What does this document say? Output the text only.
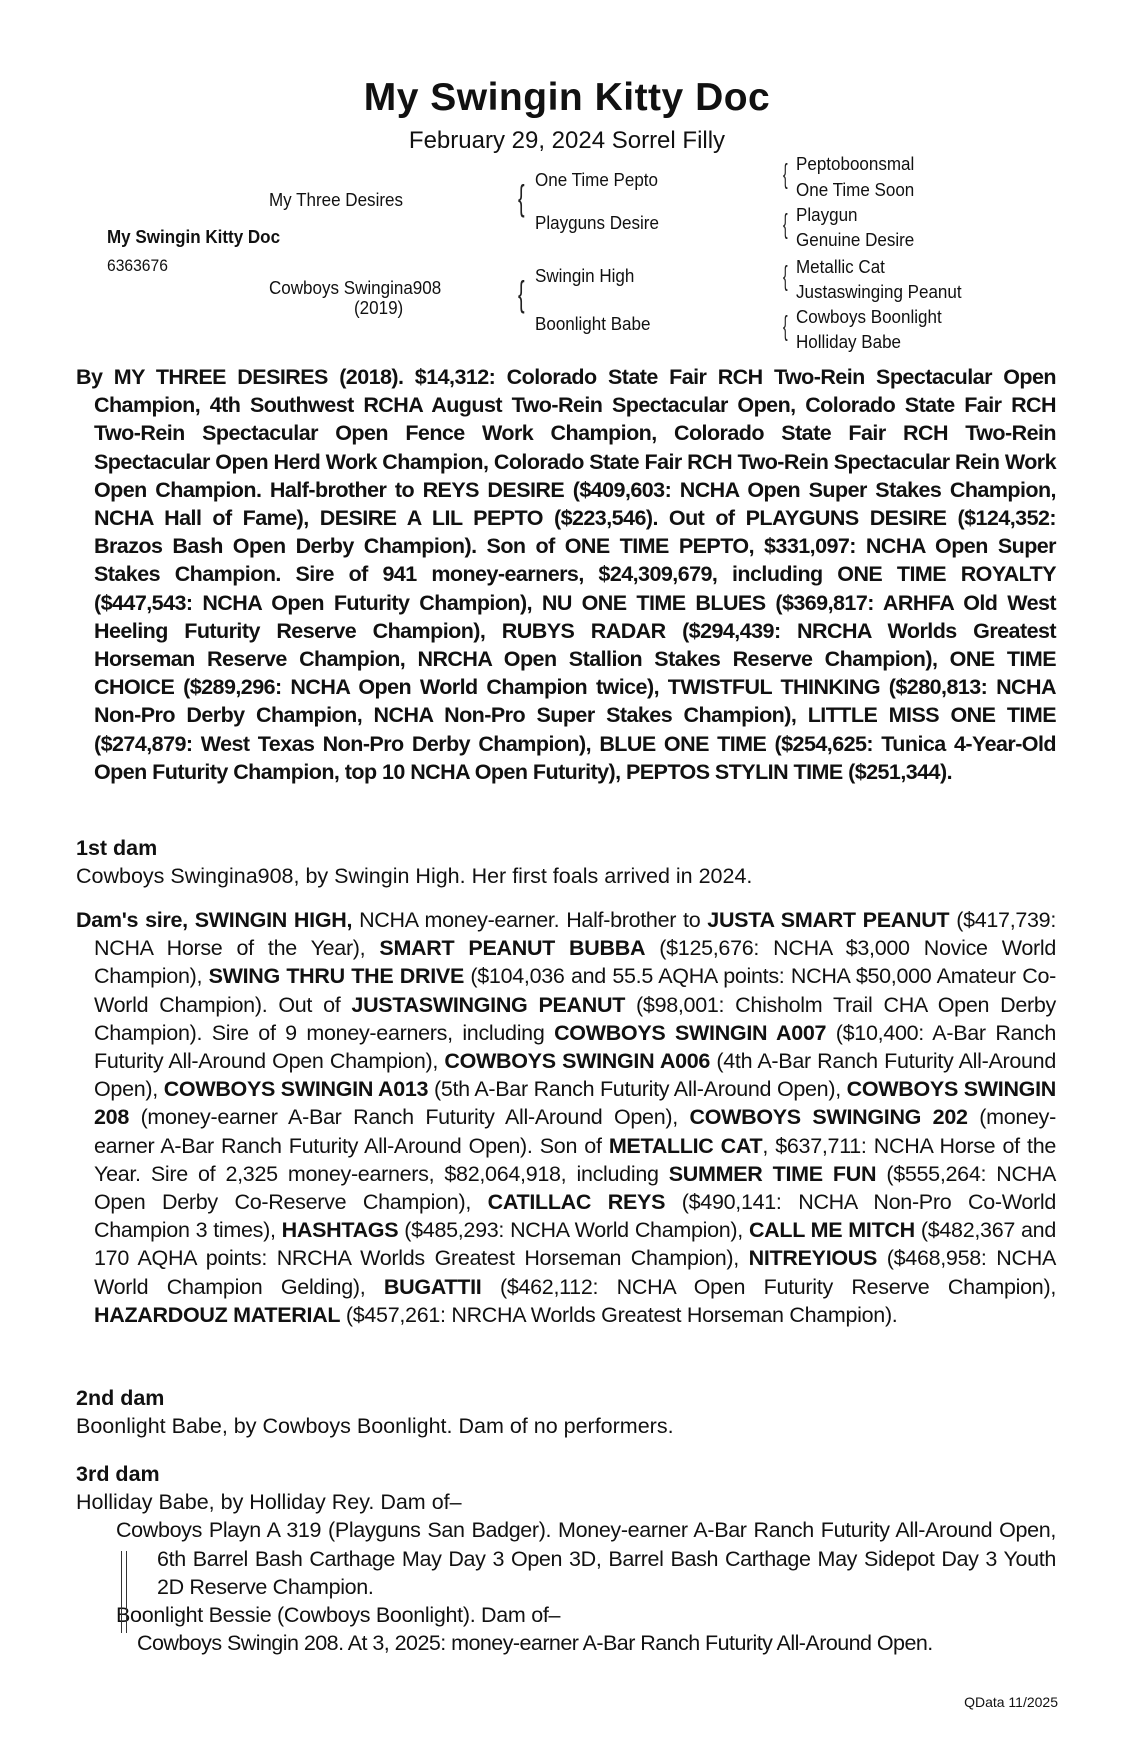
My Swingin Kitty Doc
February 29, 2024 Sorrel Filly
My Swingin Kitty Doc
6363676
My Three Desires
Cowboys Swingina908
(2019)
{ One Time Pepto
Playguns Desire
{ Swingin High
Boonlight Babe
{ Peptoboonsmal
One Time Soon
{ Playgun
Genuine Desire
{ Metallic Cat
Justaswinging Peanut
{ Cowboys Boonlight
Holliday Babe

By MY THREE DESIRES (2018). $14,312: Colorado State Fair RCH Two-Rein Spectacular Open Champion, 4th Southwest RCHA August Two-Rein Spectacular Open, Colorado State Fair RCH Two-Rein Spectacular Open Fence Work Champion, Colorado State Fair RCH Two-Rein Spectacular Open Herd Work Champion, Colorado State Fair RCH Two-Rein Spectacular Rein Work Open Champion. Half-brother to REYS DESIRE ($409,603: NCHA Open Super Stakes Champion, NCHA Hall of Fame), DESIRE A LIL PEPTO ($223,546). Out of PLAYGUNS DESIRE ($124,352: Brazos Bash Open Derby Champion). Son of ONE TIME PEPTO, $331,097: NCHA Open Super Stakes Champion. Sire of 941 money-earners, $24,309,679, including ONE TIME ROYALTY ($447,543: NCHA Open Futurity Champion), NU ONE TIME BLUES ($369,817: ARHFA Old West Heeling Futurity Reserve Champion), RUBYS RADAR ($294,439: NRCHA Worlds Greatest Horseman Reserve Champion, NRCHA Open Stallion Stakes Reserve Champion), ONE TIME CHOICE ($289,296: NCHA Open World Champion twice), TWISTFUL THINKING ($280,813: NCHA Non-Pro Derby Champion, NCHA Non-Pro Super Stakes Champion), LITTLE MISS ONE TIME ($274,879: West Texas Non-Pro Derby Champion), BLUE ONE TIME ($254,625: Tunica 4-Year-Old Open Futurity Champion, top 10 NCHA Open Futurity), PEPTOS STYLIN TIME ($251,344).

1st dam

Cowboys Swingina908, by Swingin High. Her first foals arrived in 2024.

Dam's sire, SWINGIN HIGH, NCHA money-earner. Half-brother to JUSTA SMART PEANUT ($417,739: NCHA Horse of the Year), SMART PEANUT BUBBA ($125,676: NCHA $3,000 Novice World Champion), SWING THRU THE DRIVE ($104,036 and 55.5 AQHA points: NCHA $50,000 Amateur Co-World Champion). Out of JUSTASWINGING PEANUT ($98,001: Chisholm Trail CHA Open Derby Champion). Sire of 9 money-earners, including COWBOYS SWINGIN A007 ($10,400: A-Bar Ranch Futurity All-Around Open Champion), COWBOYS SWINGIN A006 (4th A-Bar Ranch Futurity All-Around Open), COWBOYS SWINGIN A013 (5th A-Bar Ranch Futurity All-Around Open), COWBOYS SWINGIN 208 (money-earner A-Bar Ranch Futurity All-Around Open), COWBOYS SWINGING 202 (money-earner A-Bar Ranch Futurity All-Around Open). Son of METALLIC CAT, $637,711: NCHA Horse of the Year. Sire of 2,325 money-earners, $82,064,918, including SUMMER TIME FUN ($555,264: NCHA Open Derby Co-Reserve Champion), CATILLAC REYS ($490,141: NCHA Non-Pro Co-World Champion 3 times), HASHTAGS ($485,293: NCHA World Champion), CALL ME MITCH ($482,367 and 170 AQHA points: NRCHA Worlds Greatest Horseman Champion), NITREYIOUS ($468,958: NCHA World Champion Gelding), BUGATTII ($462,112: NCHA Open Futurity Reserve Champion), HAZARDOUZ MATERIAL ($457,261: NRCHA Worlds Greatest Horseman Champion).

2nd dam

Boonlight Babe, by Cowboys Boonlight. Dam of no performers.

3rd dam

Holliday Babe, by Holliday Rey. Dam of–

Cowboys Playn A 319 (Playguns San Badger). Money-earner A-Bar Ranch Futurity All-Around Open, 6th Barrel Bash Carthage May Day 3 Open 3D, Barrel Bash Carthage May Sidepot Day 3 Youth 2D Reserve Champion.

Boonlight Bessie (Cowboys Boonlight). Dam of–

Cowboys Swingin 208. At 3, 2025: money-earner A-Bar Ranch Futurity All-Around Open.

QData 11/2025
